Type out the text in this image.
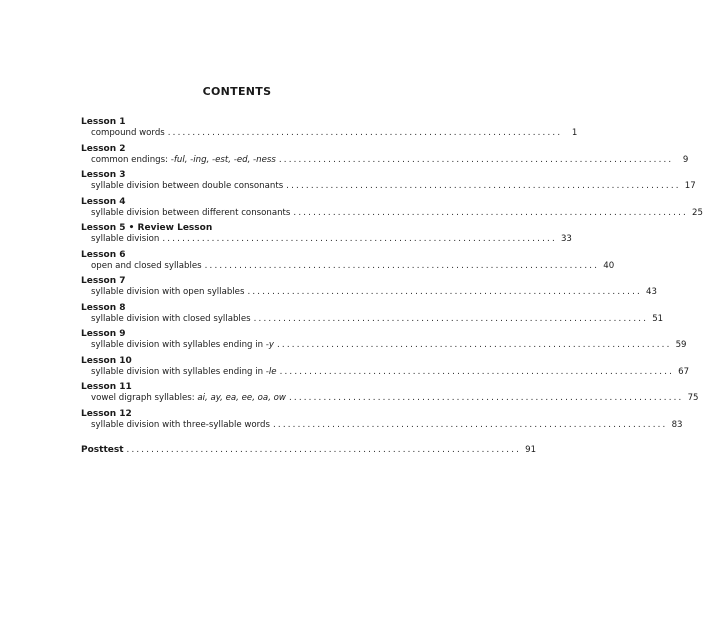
CONTENTS
Lesson 1
compound words ................................................................................	1
Lesson 2
common endings: -ful, -ing, -est, -ed, -ness ................................................................................	9
Lesson 3
syllable division between double consonants ................................................................................ 17
Lesson 4
syllable division between different consonants ................................................................................ 25
Lesson 5 • Review Lesson
syllable division ................................................................................ 33
Lesson 6
open and closed syllables ................................................................................ 40
Lesson 7
syllable division with open syllables ................................................................................ 43
Lesson 8
syllable division with closed syllables ................................................................................ 51
Lesson 9
syllable division with syllables ending in -y ................................................................................ 59
Lesson 10
syllable division with syllables ending in -le ................................................................................ 67
Lesson 11
vowel digraph syllables: ai, ay, ea, ee, oa, ow ................................................................................ 75
Lesson 12
syllable division with three-syllable words ................................................................................ 83
Posttest ................................................................................ 91
